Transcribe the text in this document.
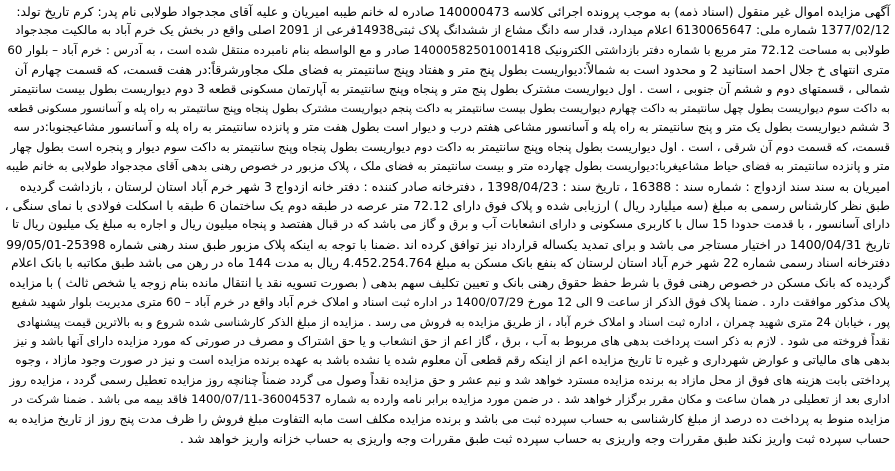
آگهی مزایده اموال غیر منقول (اسناد ذمه) به موجب پرونده اجرائی کلاسه 140000473 صادره له خانم طیبه امیریان و علیه آقای مجدجواد طولابی نام پدر: کرم تاریخ تولد:
1377/02/12 شماره ملی: 6130065647 اعلام میدارد، قدار سه دانگ مشاع از ششدانگ پلاک ثبتی14938فرعی از 2091 اصلی واقع در بخش یک خرم آباد به مالکیت مجدجواد
طولابی به مساحت 72.12 متر مربع با شماره دفتر بازداشتی الکترونیک 14000582501001418 صادر و مع الواسطه بنام نامبرده منتقل شده است ، به آدرس : خرم آباد – بلوار 60
متری انتهای خ جلال احمد استانید 2 و محدود است به شمالاً:دیواریست بطول پنج متر و هفتاد وپنج سانتیمتر به فضای ملک مجاورشرقاً:در هفت قسمت، که قسمت چهارم آن
شمالی ، قسمتهای دوم و ششم آن جنوبی ، است . اول دیواریست مشترک بطول پنج متر و پنجاه وپنج سانتیمتر به آپارتمان مسکونی قطعه 3 دوم دیواریست بطول بیست سانتیمتر
به داکت سوم دیواریست بطول چهل سانتیمتر به داکت چهارم دیواریست بطول بیست سانتیمتر به داکت پنجم دیواریست مشترک بطول پنجاه وپنج سانتیمتر به راه پله و آسانسور مسکونی قطعه
3 ششم دیواریست بطول یک متر و پنج سانتیمتر به راه پله و آسانسور مشاعی هفتم درب و دیوار است بطول هفت متر و پانزده سانتیمتر به راه پله و آسانسور مشاعیجنوبا:در سه
قسمت، که قسمت دوم آن شرقی ، است . اول دیواریست بطول پنجاه وپنج سانتیمتر به داکت دوم دیواریست بطول پنجاه وپنج سانتیمتر به داکت سوم دیوار و پنجره است بطول چهار
متر و پانزده سانتیمتر به فضای حیاط مشاعیغربا:دیواریست بطول چهارده متر و بیست سانتیمتر به فضای ملک ، پلاک مزبور در خصوص رهنی بدهی آقای مجدجواد طولابی به خانم طیبه
امیریان به سند سند ازدواج : شماره سند : 16388 ، تاریخ سند : 1398/04/23 ، دفترخانه صادر کننده : دفتر خانه ازدواج 3 شهر خرم آباد استان لرستان ، بازداشت گردیده
طبق نظر کارشناس رسمی به مبلغ (سه میلیارد ریال ) ارزیابی شده و پلاک فوق دارای 72.12 متر عرصه در طبقه دوم یک ساختمان 6 طبقه با اسکلت فولادی با نمای سنگی ،
دارای آسانسور ، با قدمت حدودا 15 سال با کاربری مسکونی و دارای انشعابات آب و برق و گاز می باشد که در قبال هفتصد و پنجاه میلیون ریال و اجاره به مبلغ یک میلیون ریال تا
تاریخ 1400/04/31 در اختیار مستاجر می باشد و برای تمدید یکساله قرارداد نیز توافق کرده اند .ضمنا با توجه به اینکه پلاک مزبور طبق سند رهنی شماره 25398-99/05/01
دفترخانه اسناد رسمی شماره 22 شهر خرم آباد استان لرستان که بنفع بانک مسکن به مبلغ 4.452.254.764 ریال به مدت 144 ماه در رهن می باشد طبق مکاتبه با بانک اعلام
گردیده که بانک مسکن در خصوص رهنی فوق با شرط حفظ حقوق رهنی بانک و تعیین تکلیف سهم بدهی ( بصورت تسویه نقد یا انتقال مانده بنام زوجه یا شخص ثالث ) با مزایده
پلاک مذکور موافقت دارد . ضمنا پلاک فوق الذکر از ساعت 9 الی 12 مورخ 1400/07/29 در اداره ثبت اسناد و املاک خرم آباد واقع در خرم آباد – 60 متری مدیریت بلوار شهید شفیع
پور ، خیابان 24 متری شهید چمران ، اداره ثبت اسناد و املاک خرم آباد ، از طریق مزایده به فروش می رسد . مزایده از مبلغ الذکر کارشناسی شده شروع و به بالاترین قیمت پیشنهادی
نقداً فروخته می شود . لازم به ذکر است پرداخت بدهی های مربوط به آب ، برق ، گاز اعم از حق انشعاب و یا حق اشتراک و مصرف در صورتی که مورد مزایده دارای آنها باشد و نیز
بدهی های مالیاتی و عوارض شهرداری و غیره تا تاریخ مزایده اعم از اینکه رقم قطعی آن معلوم شده یا نشده باشد به عهده برنده مزایده است و نیز در صورت وجود مازاد ، وجوه
پرداختی بابت هزینه های فوق از محل مازاد به برنده مزایده مسترد خواهد شد و نیم عشر و حق مزایده نقداً وصول می گردد ضمناً چنانچه روز مزایده تعطیل رسمی گردد ، مزایده روز
اداری بعد از تعطیلی در همان ساعت و مکان مقرر برگزار خواهد شد . در ضمن مورد مزایده برابر نامه وارده به شماره 36004537-1400/07/11 فاقد بیمه می باشد . ضمنا شرکت در
مزایده منوط به پرداخت ده درصد از مبلغ کارشناسی به حساب سپرده ثبت می باشد و برنده مزایده مکلف است مابه التفاوت مبلغ فروش را ظرف مدت پنج روز از تاریخ مزایده به
حساب سپرده ثبت واریز نکند طبق مقررات وجه واریزی به حساب سپرده ثبت طبق مقررات وجه واریزی به حساب خزانه واریز خواهد شد .
